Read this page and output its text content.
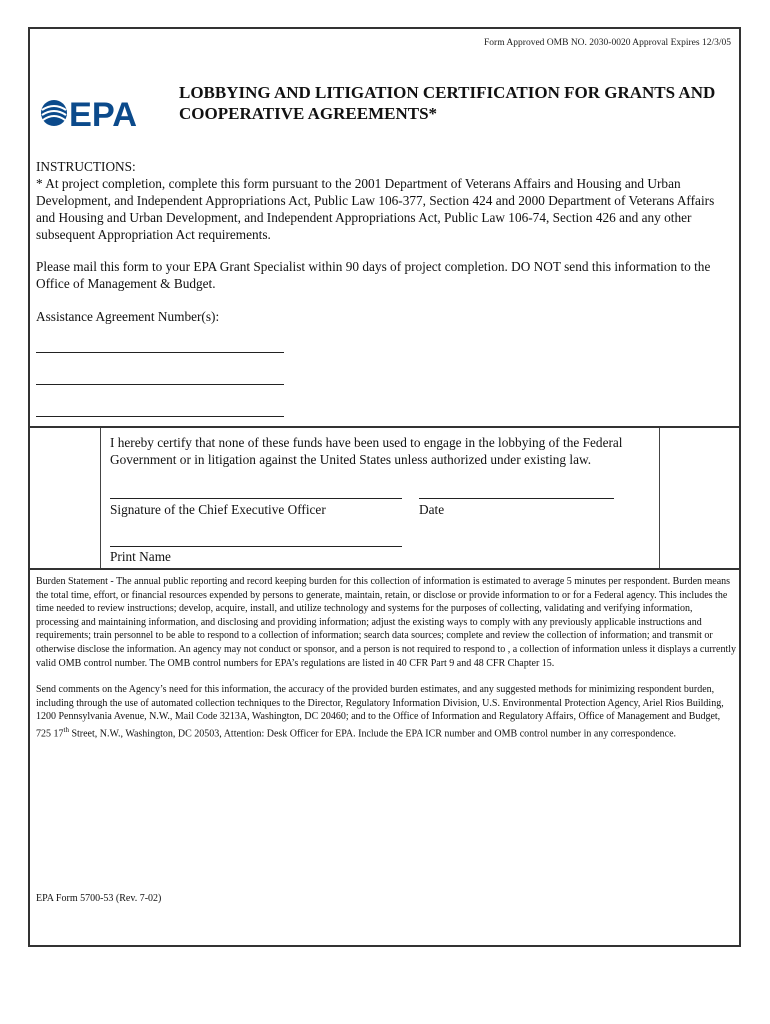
Form Approved OMB NO. 2030-0020 Approval Expires 12/3/05
EPA
LOBBYING AND LITIGATION CERTIFICATION FOR GRANTS AND COOPERATIVE AGREEMENTS*

INSTRUCTIONS:

* At project completion, complete this form pursuant to the 2001 Department of Veterans Affairs and Housing and Urban Development, and Independent Appropriations Act, Public Law 106-377, Section 424 and 2000 Department of Veterans Affairs and Housing and Urban Development, and Independent Appropriations Act, Public Law 106-74, Section 426 and any other subsequent Appropriation Act requirements.

Please mail this form to your EPA Grant Specialist within 90 days of project completion. DO NOT send this information to the Office of Management & Budget.
Assistance Agreement Number(s):
I hereby certify that none of these funds have been used to engage in the lobbying of the Federal Government or in litigation against the United States unless authorized under existing law.
Signature of the Chief Executive Officer	Date
Print Name

Burden Statement - The annual public reporting and record keeping burden for this collection of information is estimated to average 5 minutes per respondent. Burden means the total time, effort, or financial resources expended by persons to generate, maintain, retain, or disclose or provide information to or for a Federal agency. This includes the time needed to review instructions; develop, acquire, install, and utilize technology and systems for the purposes of collecting, validating and verifying information, processing and maintaining information, and disclosing and providing information; adjust the existing ways to comply with any previously applicable instructions and requirements; train personnel to be able to respond to a collection of information; search data sources; complete and review the collection of information; and transmit or otherwise disclose the information. An agency may not conduct or sponsor, and a person is not required to respond to , a collection of information unless it displays a currently valid OMB control number. The OMB control numbers for EPA’s regulations are listed in 40 CFR Part 9 and 48 CFR Chapter 15.

Send comments on the Agency’s need for this information, the accuracy of the provided burden estimates, and any suggested methods for minimizing respondent burden, including through the use of automated collection techniques to the Director, Regulatory Information Division, U.S. Environmental Protection Agency, Ariel Rios Building, 1200 Pennsylvania Avenue, N.W., Mail Code 3213A, Washington, DC 20460; and to the Office of Information and Regulatory Affairs, Office of Management and Budget, 725 17th Street, N.W., Washington, DC 20503, Attention: Desk Officer for EPA. Include the EPA ICR number and OMB control number in any correspondence.

EPA Form 5700-53 (Rev. 7-02)
